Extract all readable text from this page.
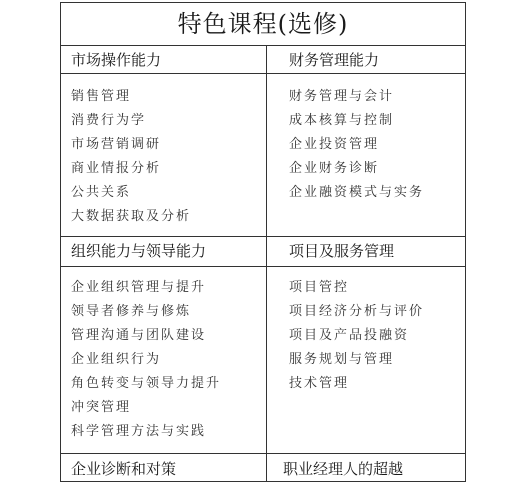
特色课程(选修)
市场操作能力
销售管理
消费行为学
市场营销调研
商业情报分析
公共关系
大数据获取及分析
财务管理能力
财务管理与会计
成本核算与控制
企业投资管理
企业财务诊断
企业融资模式与实务
组织能力与领导能力
企业组织管理与提升
领导者修养与修炼
管理沟通与团队建设
企业组织行为
角色转变与领导力提升
冲突管理
科学管理方法与实践
项目及服务管理
项目管控
项目经济分析与评价
项目及产品投融资
服务规划与管理
技术管理
企业诊断和对策	职业经理人的超越
